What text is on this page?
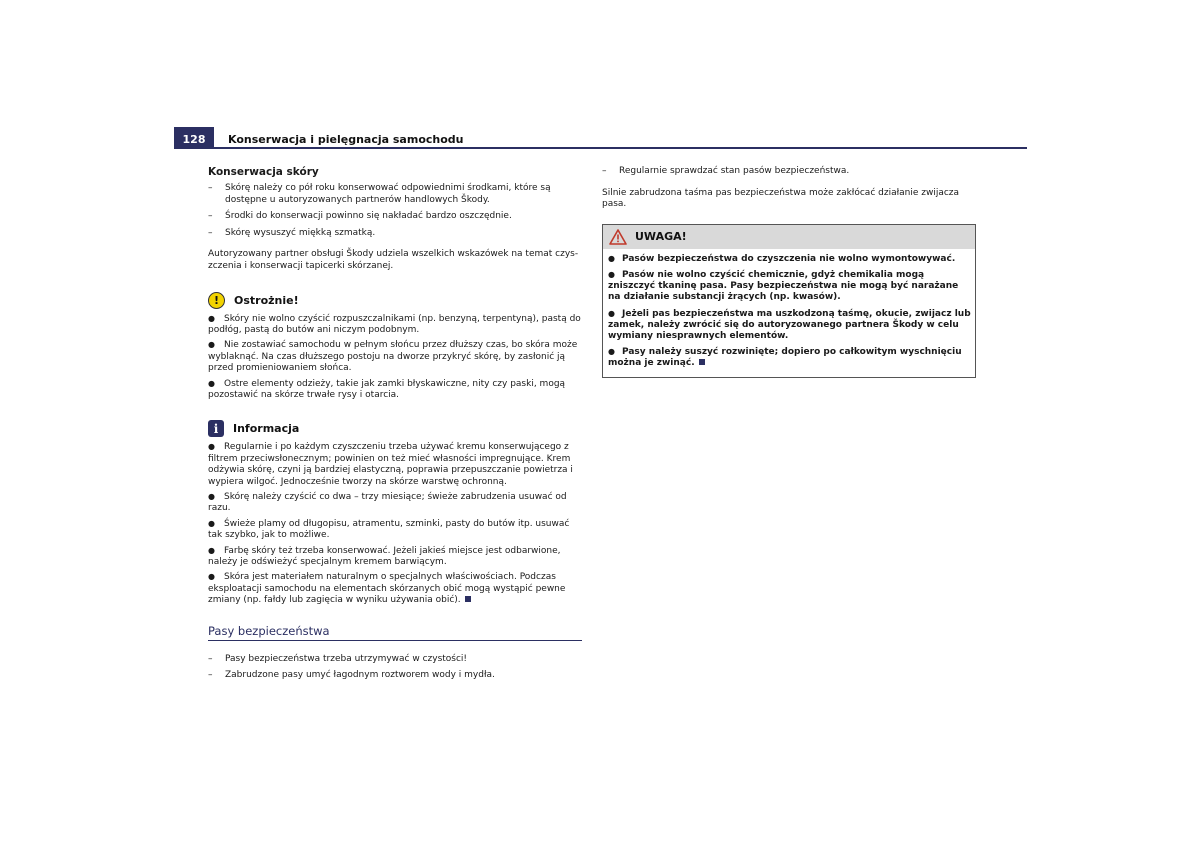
128	Konserwacja i pielęgnacja samochodu
Konserwacja skóry
– Skórę należy co pół roku konserwować odpowiednimi środkami, które są dostępne u autoryzowanych partnerów handlowych Škody.
– Środki do konserwacji powinno się nakładać bardzo oszczędnie.
– Skórę wysuszyć miękką szmatką.

Autoryzowany partner obsługi Škody udziela wszelkich wskazówek na temat czys-zczenia i konserwacji tapicerki skórzanej.

!	Ostrożnie!
● Skóry nie wolno czyścić rozpuszczalnikami (np. benzyną, terpentyną), pastą do podłóg, pastą do butów ani niczym podobnym.
● Nie zostawiać samochodu w pełnym słońcu przez dłuższy czas, bo skóra może wyblaknąć. Na czas dłuższego postoju na dworze przykryć skórę, by zasłonić ją przed promieniowaniem słońca.
● Ostre elementy odzieży, takie jak zamki błyskawiczne, nity czy paski, mogą pozostawić na skórze trwałe rysy i otarcia.
i	Informacja
● Regularnie i po każdym czyszczeniu trzeba używać kremu konserwującego z filtrem przeciwsłonecznym; powinien on też mieć własności impregnujące. Krem odżywia skórę, czyni ją bardziej elastyczną, poprawia przepuszczanie powietrza i wypiera wilgoć. Jednocześnie tworzy na skórze warstwę ochronną.
● Skórę należy czyścić co dwa – trzy miesiące; świeże zabrudzenia usuwać od razu.
● Świeże plamy od długopisu, atramentu, szminki, pasty do butów itp. usuwać tak szybko, jak to możliwe.
● Farbę skóry też trzeba konserwować. Jeżeli jakieś miejsce jest odbarwione, należy je odświeżyć specjalnym kremem barwiącym.
● Skóra jest materiałem naturalnym o specjalnych właściwościach. Podczas eksploatacji samochodu na elementach skórzanych obić mogą wystąpić pewne zmiany (np. fałdy lub zagięcia w wyniku używania obić).
Pasy bezpieczeństwa
– Pasy bezpieczeństwa trzeba utrzymywać w czystości!
– Zabrudzone pasy umyć łagodnym roztworem wody i mydła.
– Regularnie sprawdzać stan pasów bezpieczeństwa.

Silnie zabrudzona taśma pas bezpieczeństwa może zakłócać działanie zwijacza pasa.

UWAGA!
● Pasów bezpieczeństwa do czyszczenia nie wolno wymontowywać.
● Pasów nie wolno czyścić chemicznie, gdyż chemikalia mogą zniszczyć tkaninę pasa. Pasy bezpieczeństwa nie mogą być narażane na działanie substancji żrących (np. kwasów).
● Jeżeli pas bezpieczeństwa ma uszkodzoną taśmę, okucie, zwijacz lub zamek, należy zwrócić się do autoryzowanego partnera Škody w celu wymiany niesprawnych elementów.
● Pasy należy suszyć rozwinięte; dopiero po całkowitym wyschnięciu można je zwinąć.
